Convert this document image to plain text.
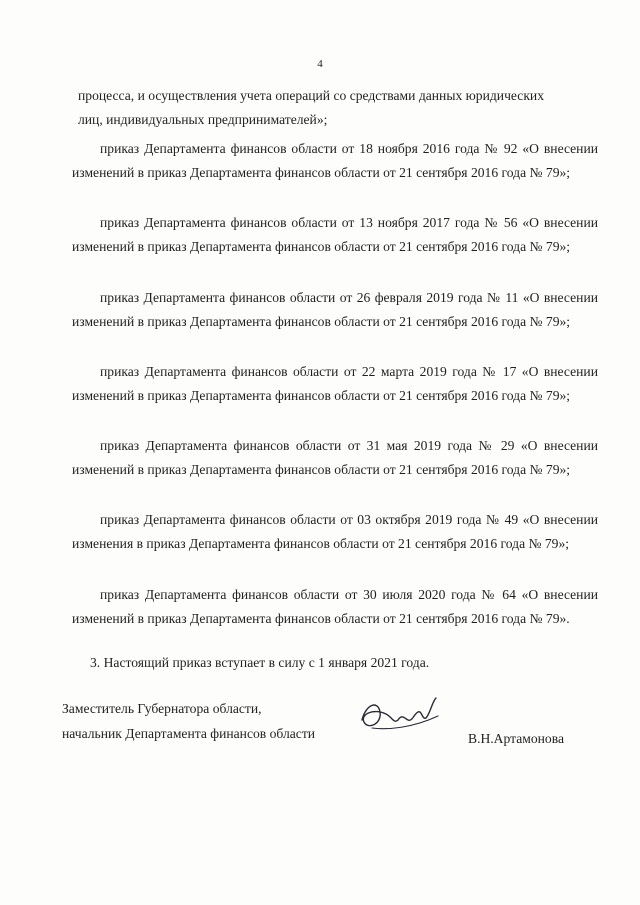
4

процесса, и осуществления учета операций со средствами данных юридических

лиц, индивидуальных предпринимателей»;

приказ Департамента финансов области от 18 ноября 2016 года № 92 «О внесении изменений в приказ Департамента финансов области от 21 сентября 2016 года № 79»;

приказ Департамента финансов области от 13 ноября 2017 года № 56 «О внесении изменений в приказ Департамента финансов области от 21 сентября 2016 года № 79»;

приказ Департамента финансов области от 26 февраля 2019 года № 11 «О внесении изменений в приказ Департамента финансов области от 21 сентября 2016 года № 79»;

приказ Департамента финансов области от 22 марта 2019 года № 17 «О внесении изменений в приказ Департамента финансов области от 21 сентября 2016 года № 79»;

приказ Департамента финансов области от 31 мая 2019 года № 29 «О внесении изменений в приказ Департамента финансов области от 21 сентября 2016 года № 79»;

приказ Департамента финансов области от 03 октября 2019 года № 49 «О внесении изменения в приказ Департамента финансов области от 21 сентября 2016 года № 79»;

приказ Департамента финансов области от 30 июля 2020 года № 64 «О внесении изменений в приказ Департамента финансов области от 21 сентября 2016 года № 79».

3. Настоящий приказ вступает в силу с 1 января 2021 года.

Заместитель Губернатора области,
начальник Департамента финансов области	В.Н.Артамонова
